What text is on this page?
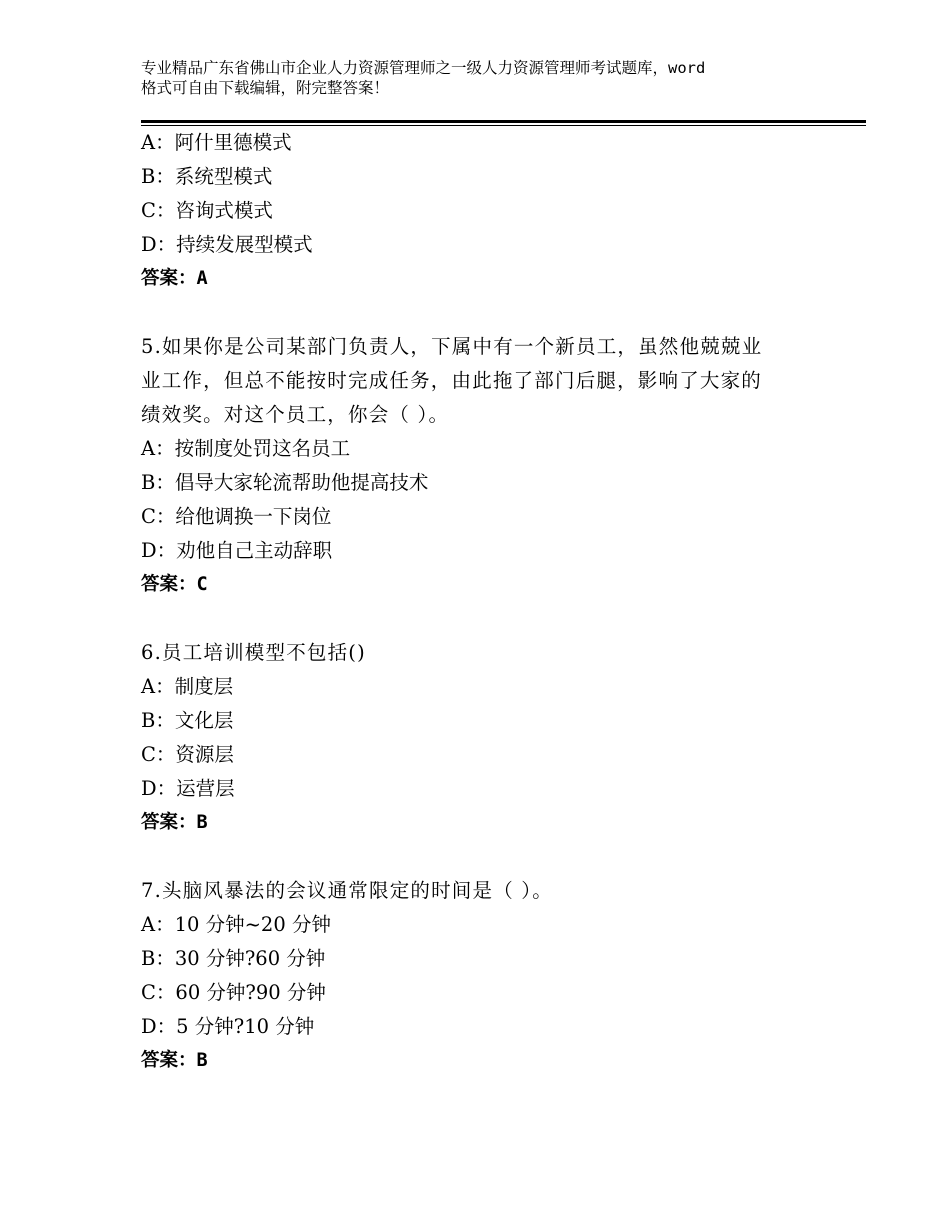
专业精品广东省佛山市企业人力资源管理师之一级人力资源管理师考试题库，word
格式可自由下载编辑，附完整答案！
A：阿什里德模式
B：系统型模式
C：咨询式模式
D：持续发展型模式
答案：A
5.如果你是公司某部门负责人，下属中有一个新员工，虽然他兢兢业
业工作，但总不能按时完成任务，由此拖了部门后腿，影响了大家的
绩效奖。对这个员工，你会（ ）。
A：按制度处罚这名员工
B：倡导大家轮流帮助他提高技术
C：给他调换一下岗位
D：劝他自己主动辞职
答案：C
6.员工培训模型不包括()
A：制度层
B：文化层
C：资源层
D：运营层
答案：B
7.头脑风暴法的会议通常限定的时间是（ ）。
A：10 分钟~20 分钟
B：30 分钟?60 分钟
C：60 分钟?90 分钟
D：5 分钟?10 分钟
答案：B
